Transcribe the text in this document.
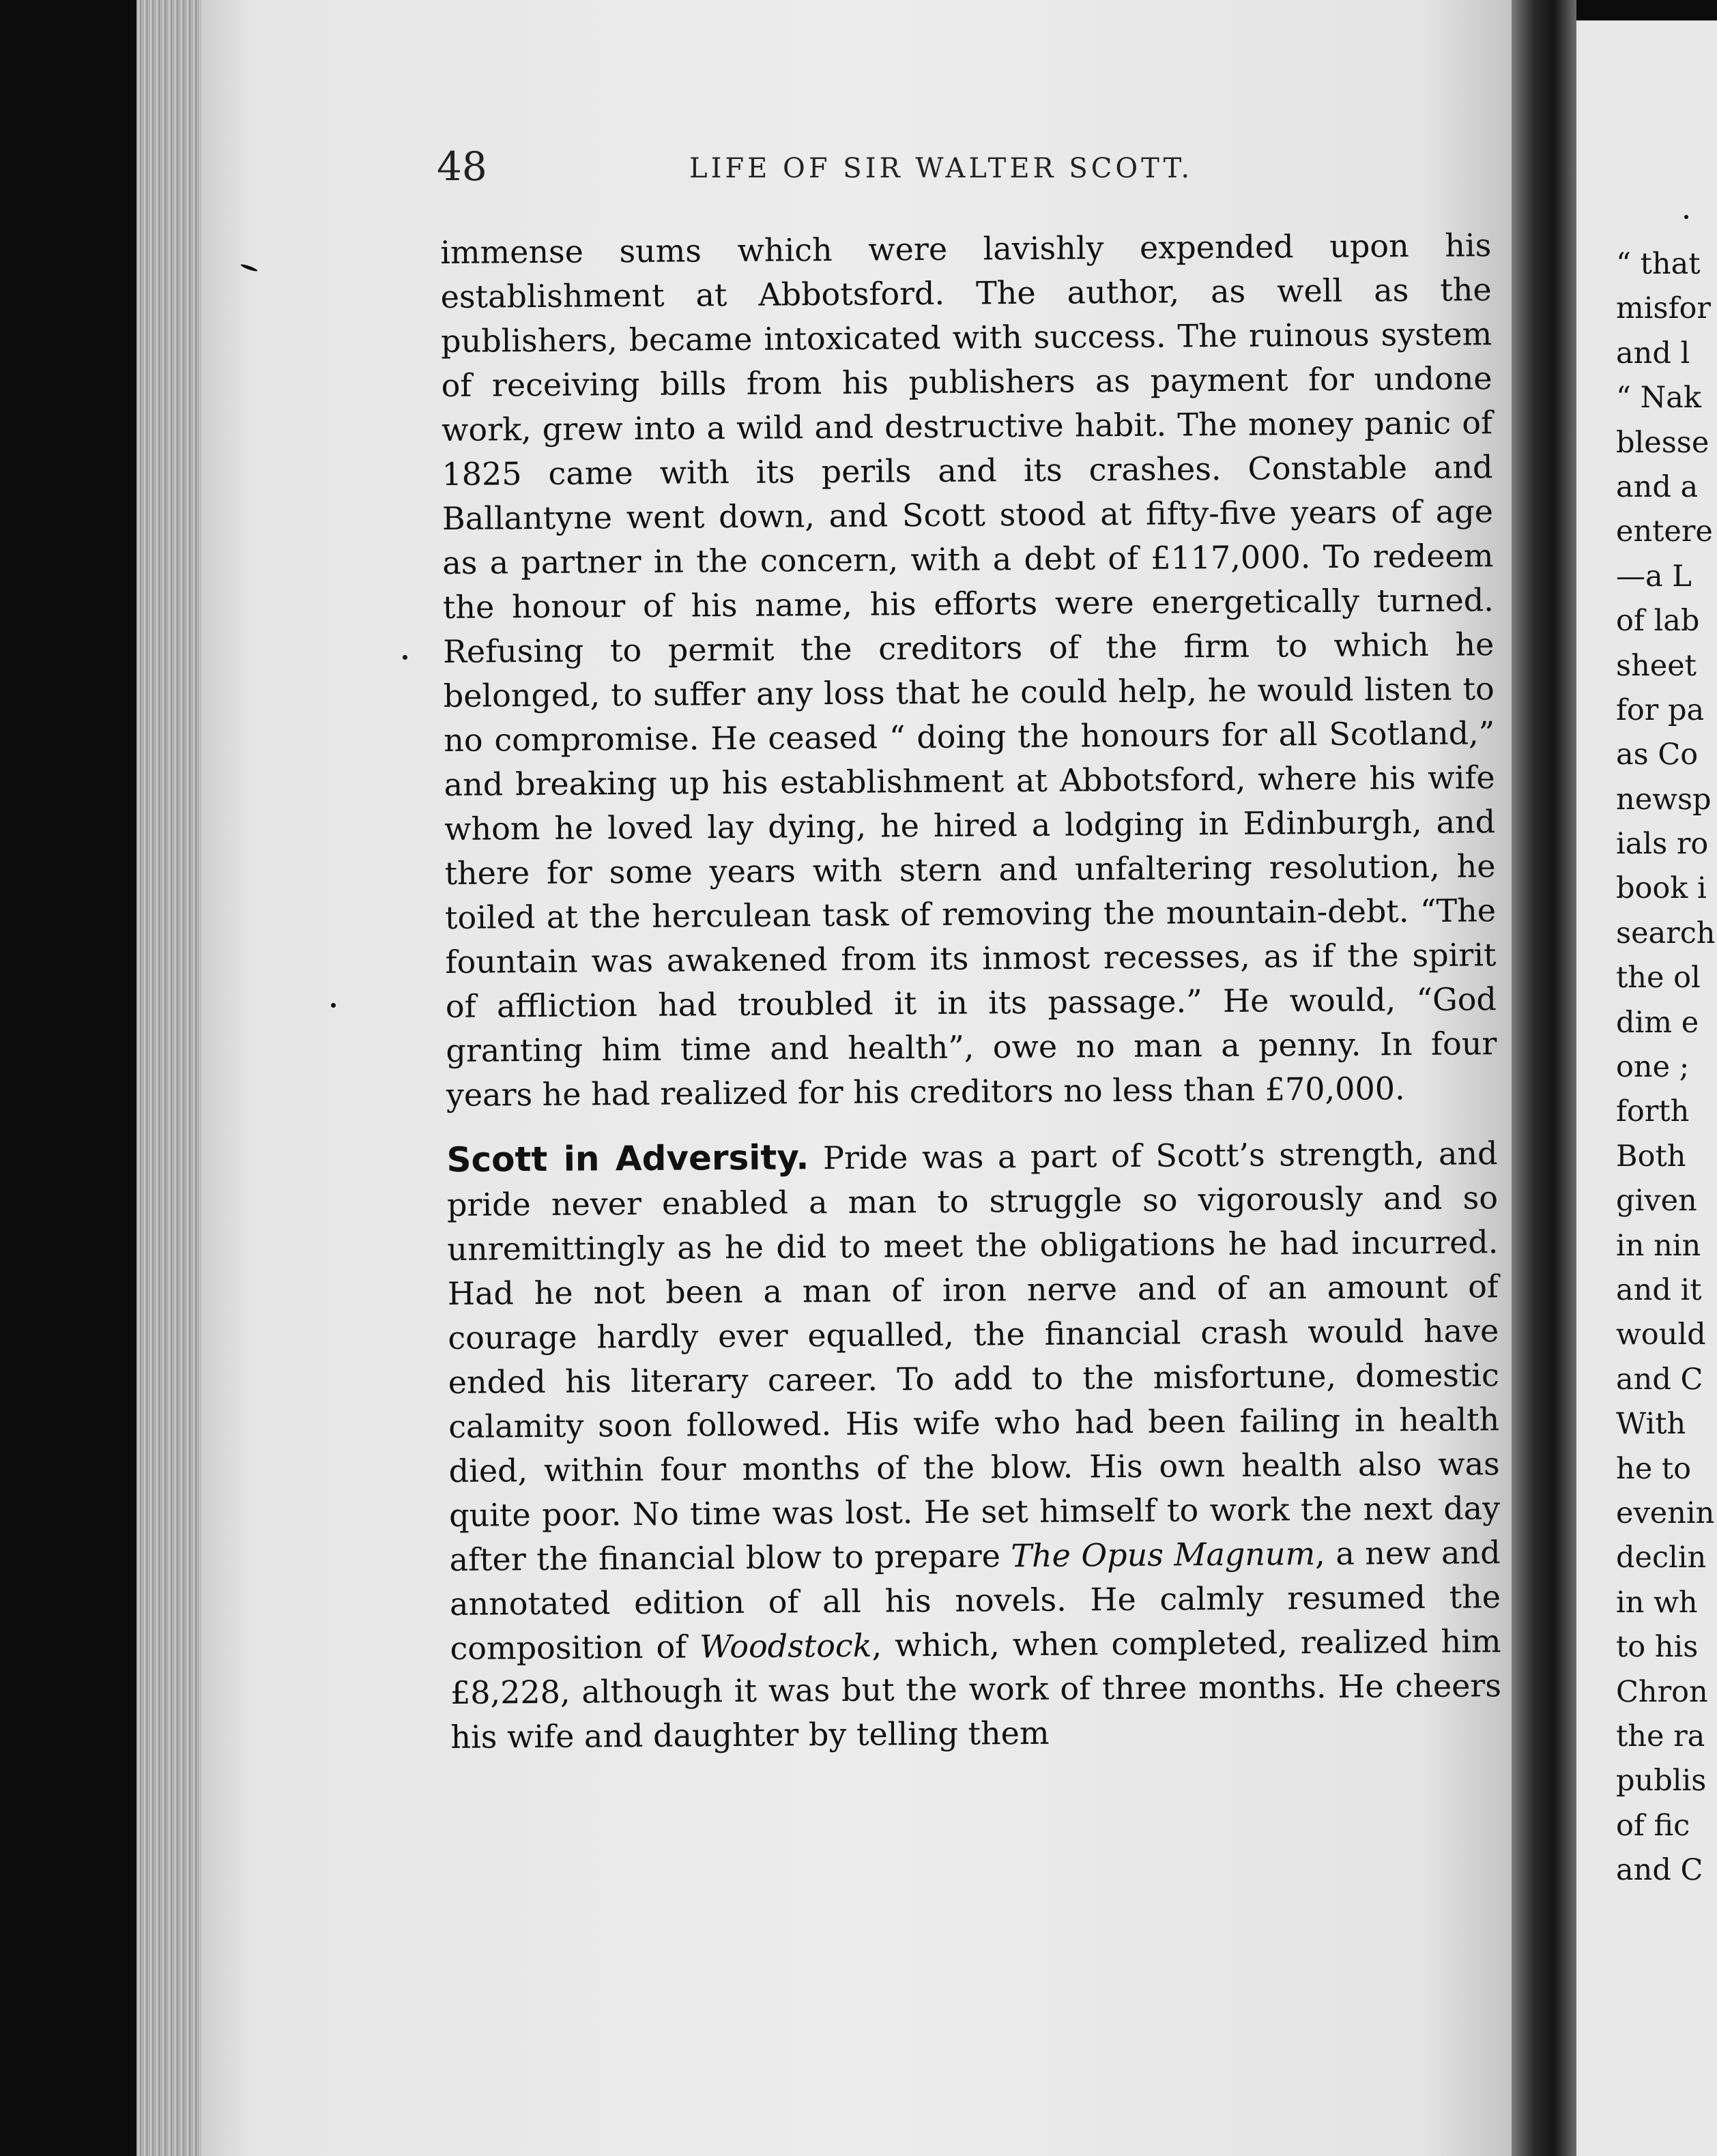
48	LIFE OF SIR WALTER SCOTT.

immense sums which were lavishly expended upon his establishment at Abbotsford. The author, as well as the publishers, became intoxicated with success. The ruinous system of receiving bills from his publishers as payment for undone work, grew into a wild and destructive habit. The money panic of 1825 came with its perils and its crashes. Constable and Ballantyne went down, and Scott stood at fifty-five years of age as a partner in the concern, with a debt of £117,000. To redeem the honour of his name, his efforts were energetically turned. Refusing to permit the creditors of the firm to which he belonged, to suffer any loss that he could help, he would listen to no compromise. He ceased “ doing the honours for all Scotland,” and breaking up his establishment at Abbotsford, where his wife whom he loved lay dying, he hired a lodging in Edinburgh, and there for some years with stern and unfaltering resolution, he toiled at the herculean task of removing the mountain-debt. “The fountain was awakened from its inmost recesses, as if the spirit of affliction had troubled it in its passage.” He would, “God granting him time and health”, owe no man a penny. In four years he had realized for his creditors no less than £70,000.

Scott in Adversity. Pride was a part of Scott’s strength, and pride never enabled a man to struggle so vigorously and so unremittingly as he did to meet the obligations he had incurred. Had he not been a man of iron nerve and of an amount of courage hardly ever equalled, the financial crash would have ended his literary career. To add to the misfortune, domestic calamity soon followed. His wife who had been failing in health died, within four months of the blow. His own health also was quite poor. No time was lost. He set himself to work the next day after the financial blow to prepare The Opus Magnum, a new and annotated edition of all his novels. He calmly resumed the composition of Woodstock, which, when completed, realized him £8,228, although it was but the work of three months. He cheers his wife and daughter by telling them

“ that
misfor
and l
“ Nak
blesse
and a
entere
—a L
of lab
sheet
for pa
as Co
newsp
ials ro
book i
search
the ol
dim e
one ;
forth
Both
given
in nin
and it
would
and C
With
he to
evenin
declin
in wh
to his
Chron
the ra
publis
of fic
and C
